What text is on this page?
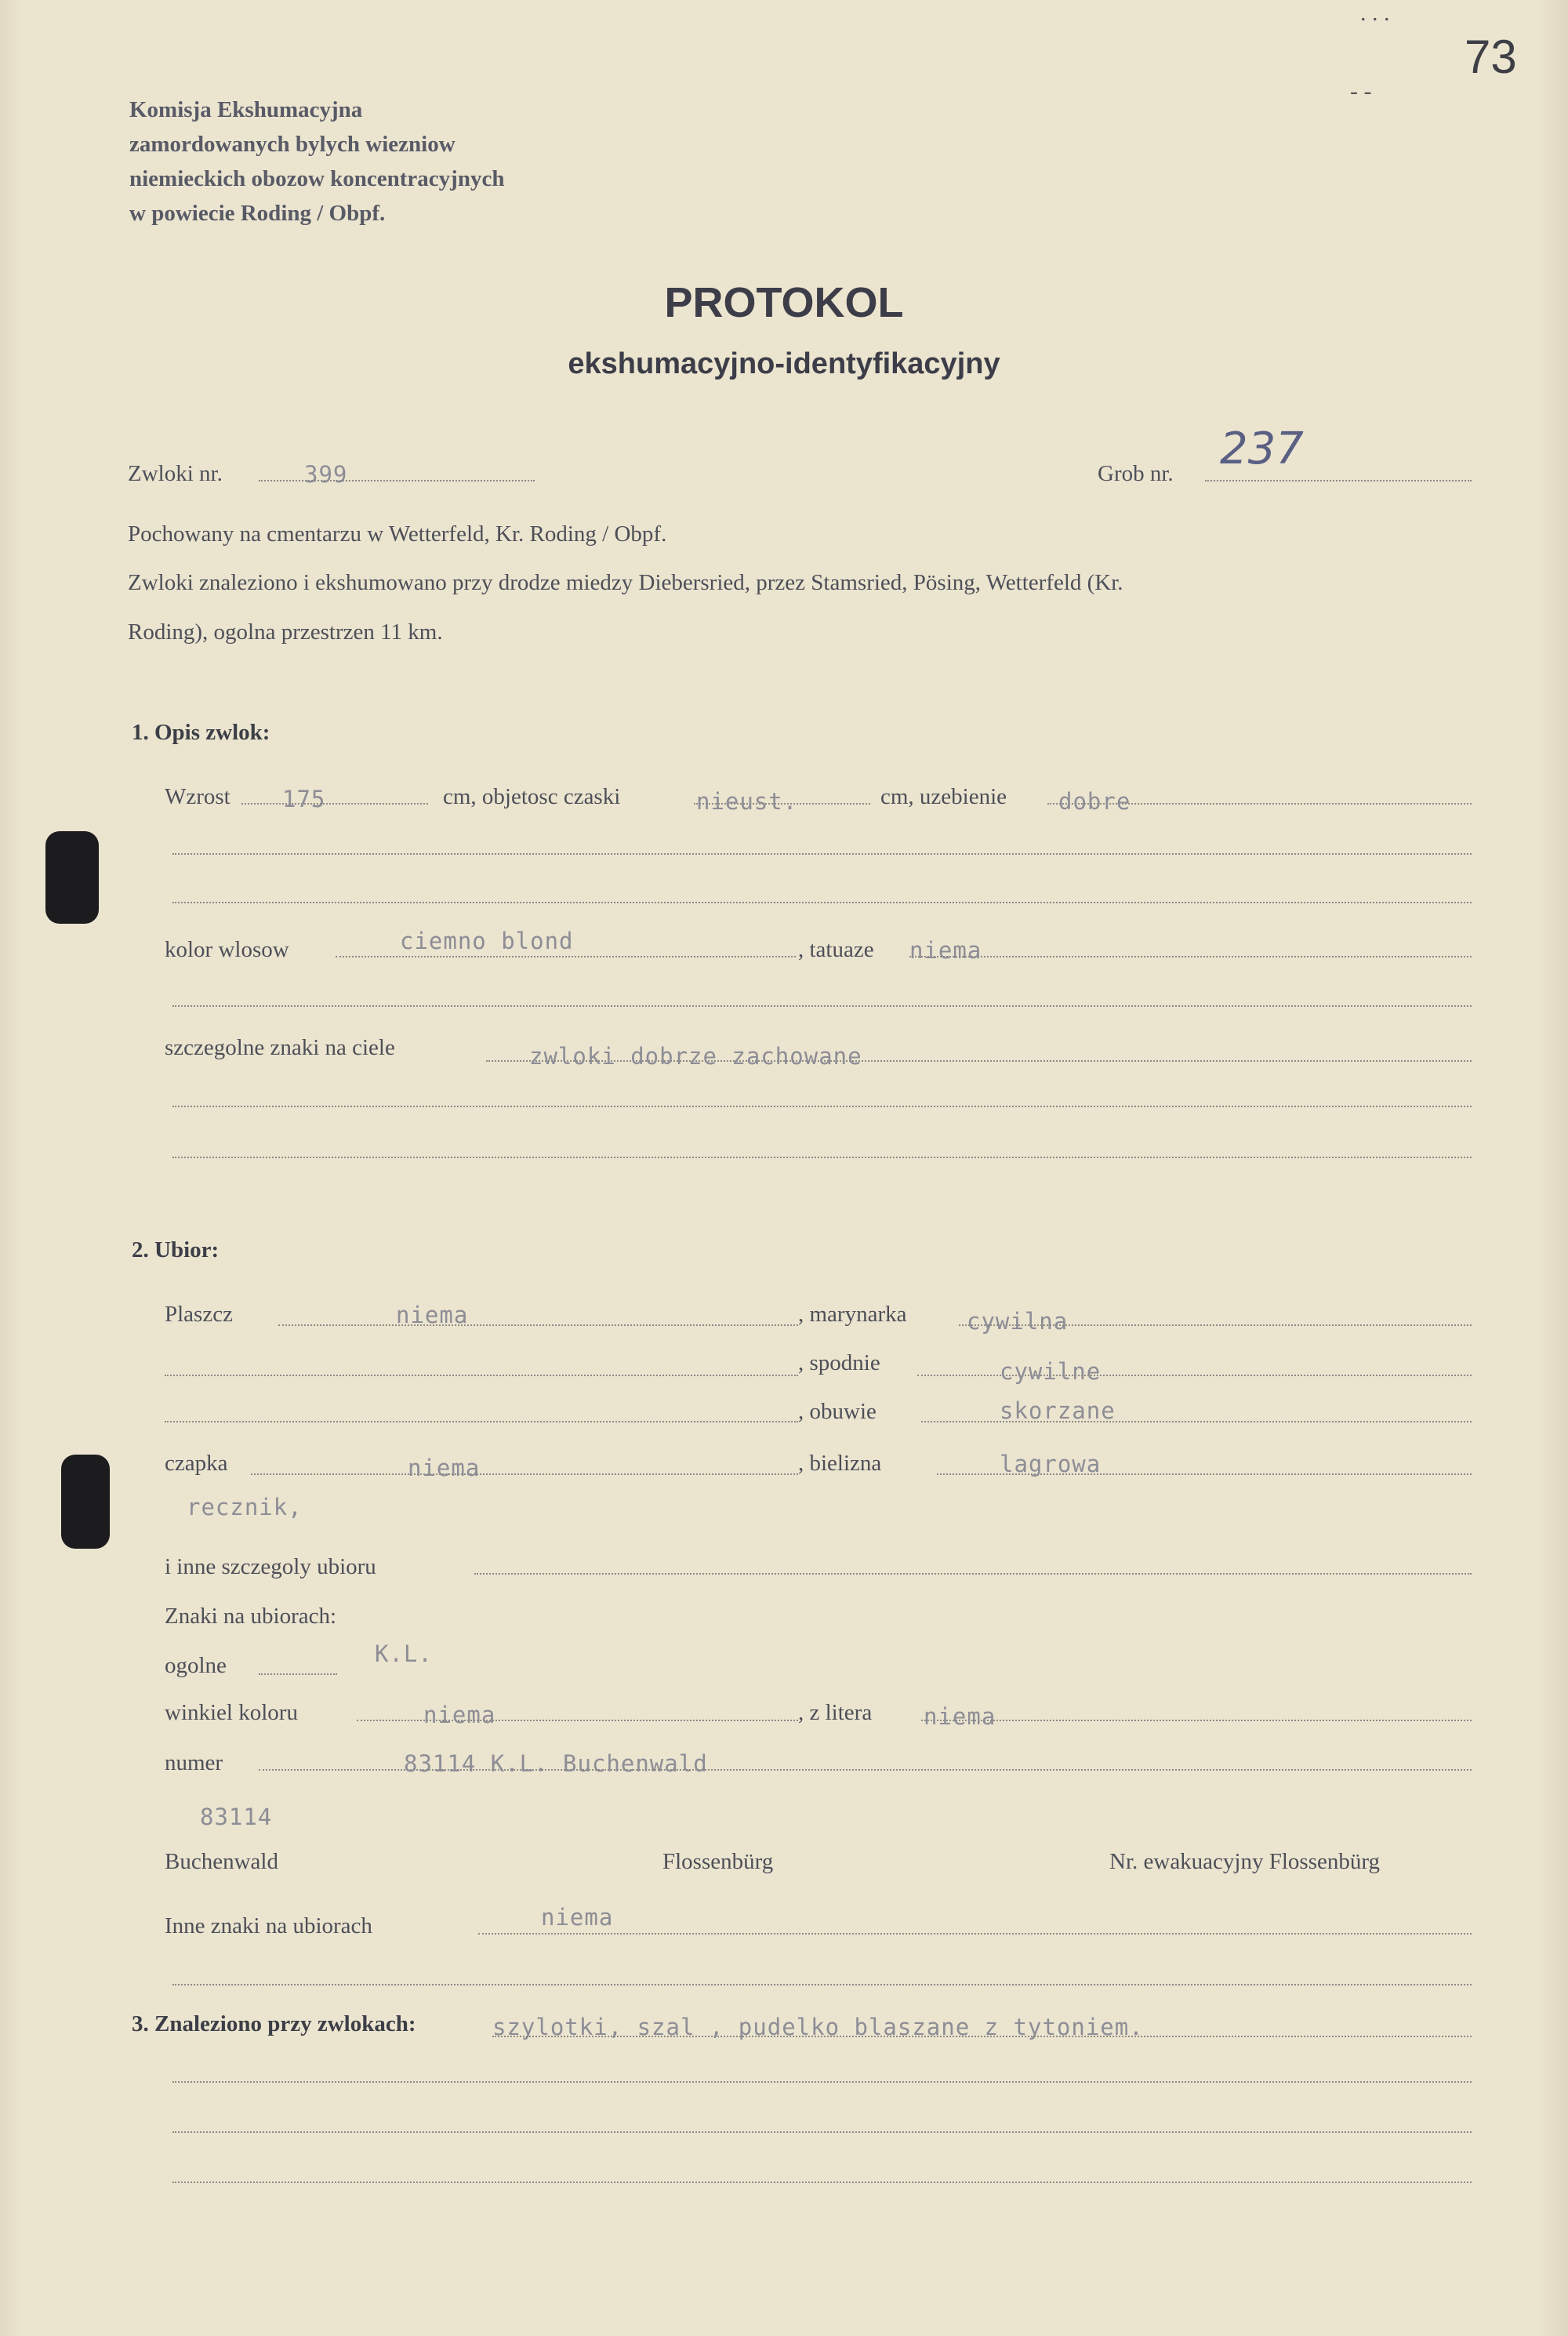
. . .
73
- -
Komisja Ekshumacyjna
zamordowanych bylych wiezniow
niemieckich obozow koncentracyjnych
w powiecie Roding / Obpf.
PROTOKOL
ekshumacyjno-identyfikacyjny
Zwloki nr.	399	Grob nr. 237
Pochowany na cmentarzu w Wetterfeld, Kr. Roding / Obpf.
Zwloki znaleziono i ekshumowano przy drodze miedzy Diebersried, przez Stamsried, Pösing, Wetterfeld (Kr.
Roding), ogolna przestrzen 11 km.
1. Opis zwlok:
Wzrost 175	cm, objetosc czaski	nieust.	cm, uzebienie dobre
kolor wlosow	ciemno blond	, tatuaze niema
szczegolne znaki na ciele	zwloki dobrze zachowane
2. Ubior:
Plaszcz	niema	, marynarka	cywilna
, spodnie	cywilne
, obuwie	skorzane
czapka	niema	, bielizna	lagrowa
recznik,
i inne szczegoly ubioru
Znaki na ubiorach:
ogolne	K.L.
winkiel koloru	niema	, z litera niema
numer	83114 K.L. Buchenwald
83114
Buchenwald	Flossenbürg	Nr. ewakuacyjny Flossenbürg
Inne znaki na ubiorach	niema
3. Znaleziono przy zwlokach:	szylotki, szal , pudelko blaszane z tytoniem.
